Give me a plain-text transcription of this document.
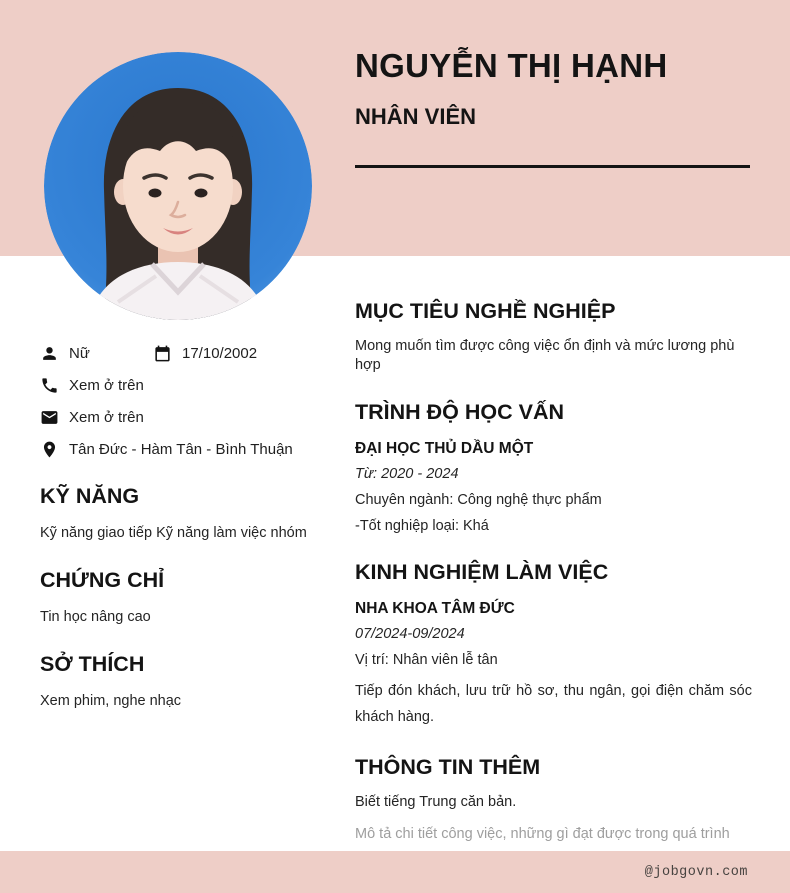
NGUYỄN THỊ HẠNH
NHÂN VIÊN
Nữ	17/10/2002
Xem ở trên
Xem ở trên
Tân Đức - Hàm Tân - Bình Thuận
KỸ NĂNG

Kỹ năng giao tiếp Kỹ năng làm việc nhóm

CHỨNG CHỈ

Tin học nâng cao

SỞ THÍCH

Xem phim, nghe nhạc

MỤC TIÊU NGHỀ NGHIỆP

Mong muốn tìm được công việc ổn định và mức lương phù hợp

TRÌNH ĐỘ HỌC VẤN
ĐẠI HỌC THỦ DẦU MỘT

Từ: 2020 - 2024

Chuyên ngành: Công nghệ thực phẩm

-Tốt nghiệp loại: Khá

KINH NGHIỆM LÀM VIỆC
NHA KHOA TÂM ĐỨC

07/2024-09/2024

Vị trí: Nhân viên lễ tân

Tiếp đón khách, lưu trữ hồ sơ, thu ngân, gọi điện chăm sóc khách hàng.

THÔNG TIN THÊM

Biết tiếng Trung căn bản.

Mô tả chi tiết công việc, những gì đạt được trong quá trình

@jobgovn.com
